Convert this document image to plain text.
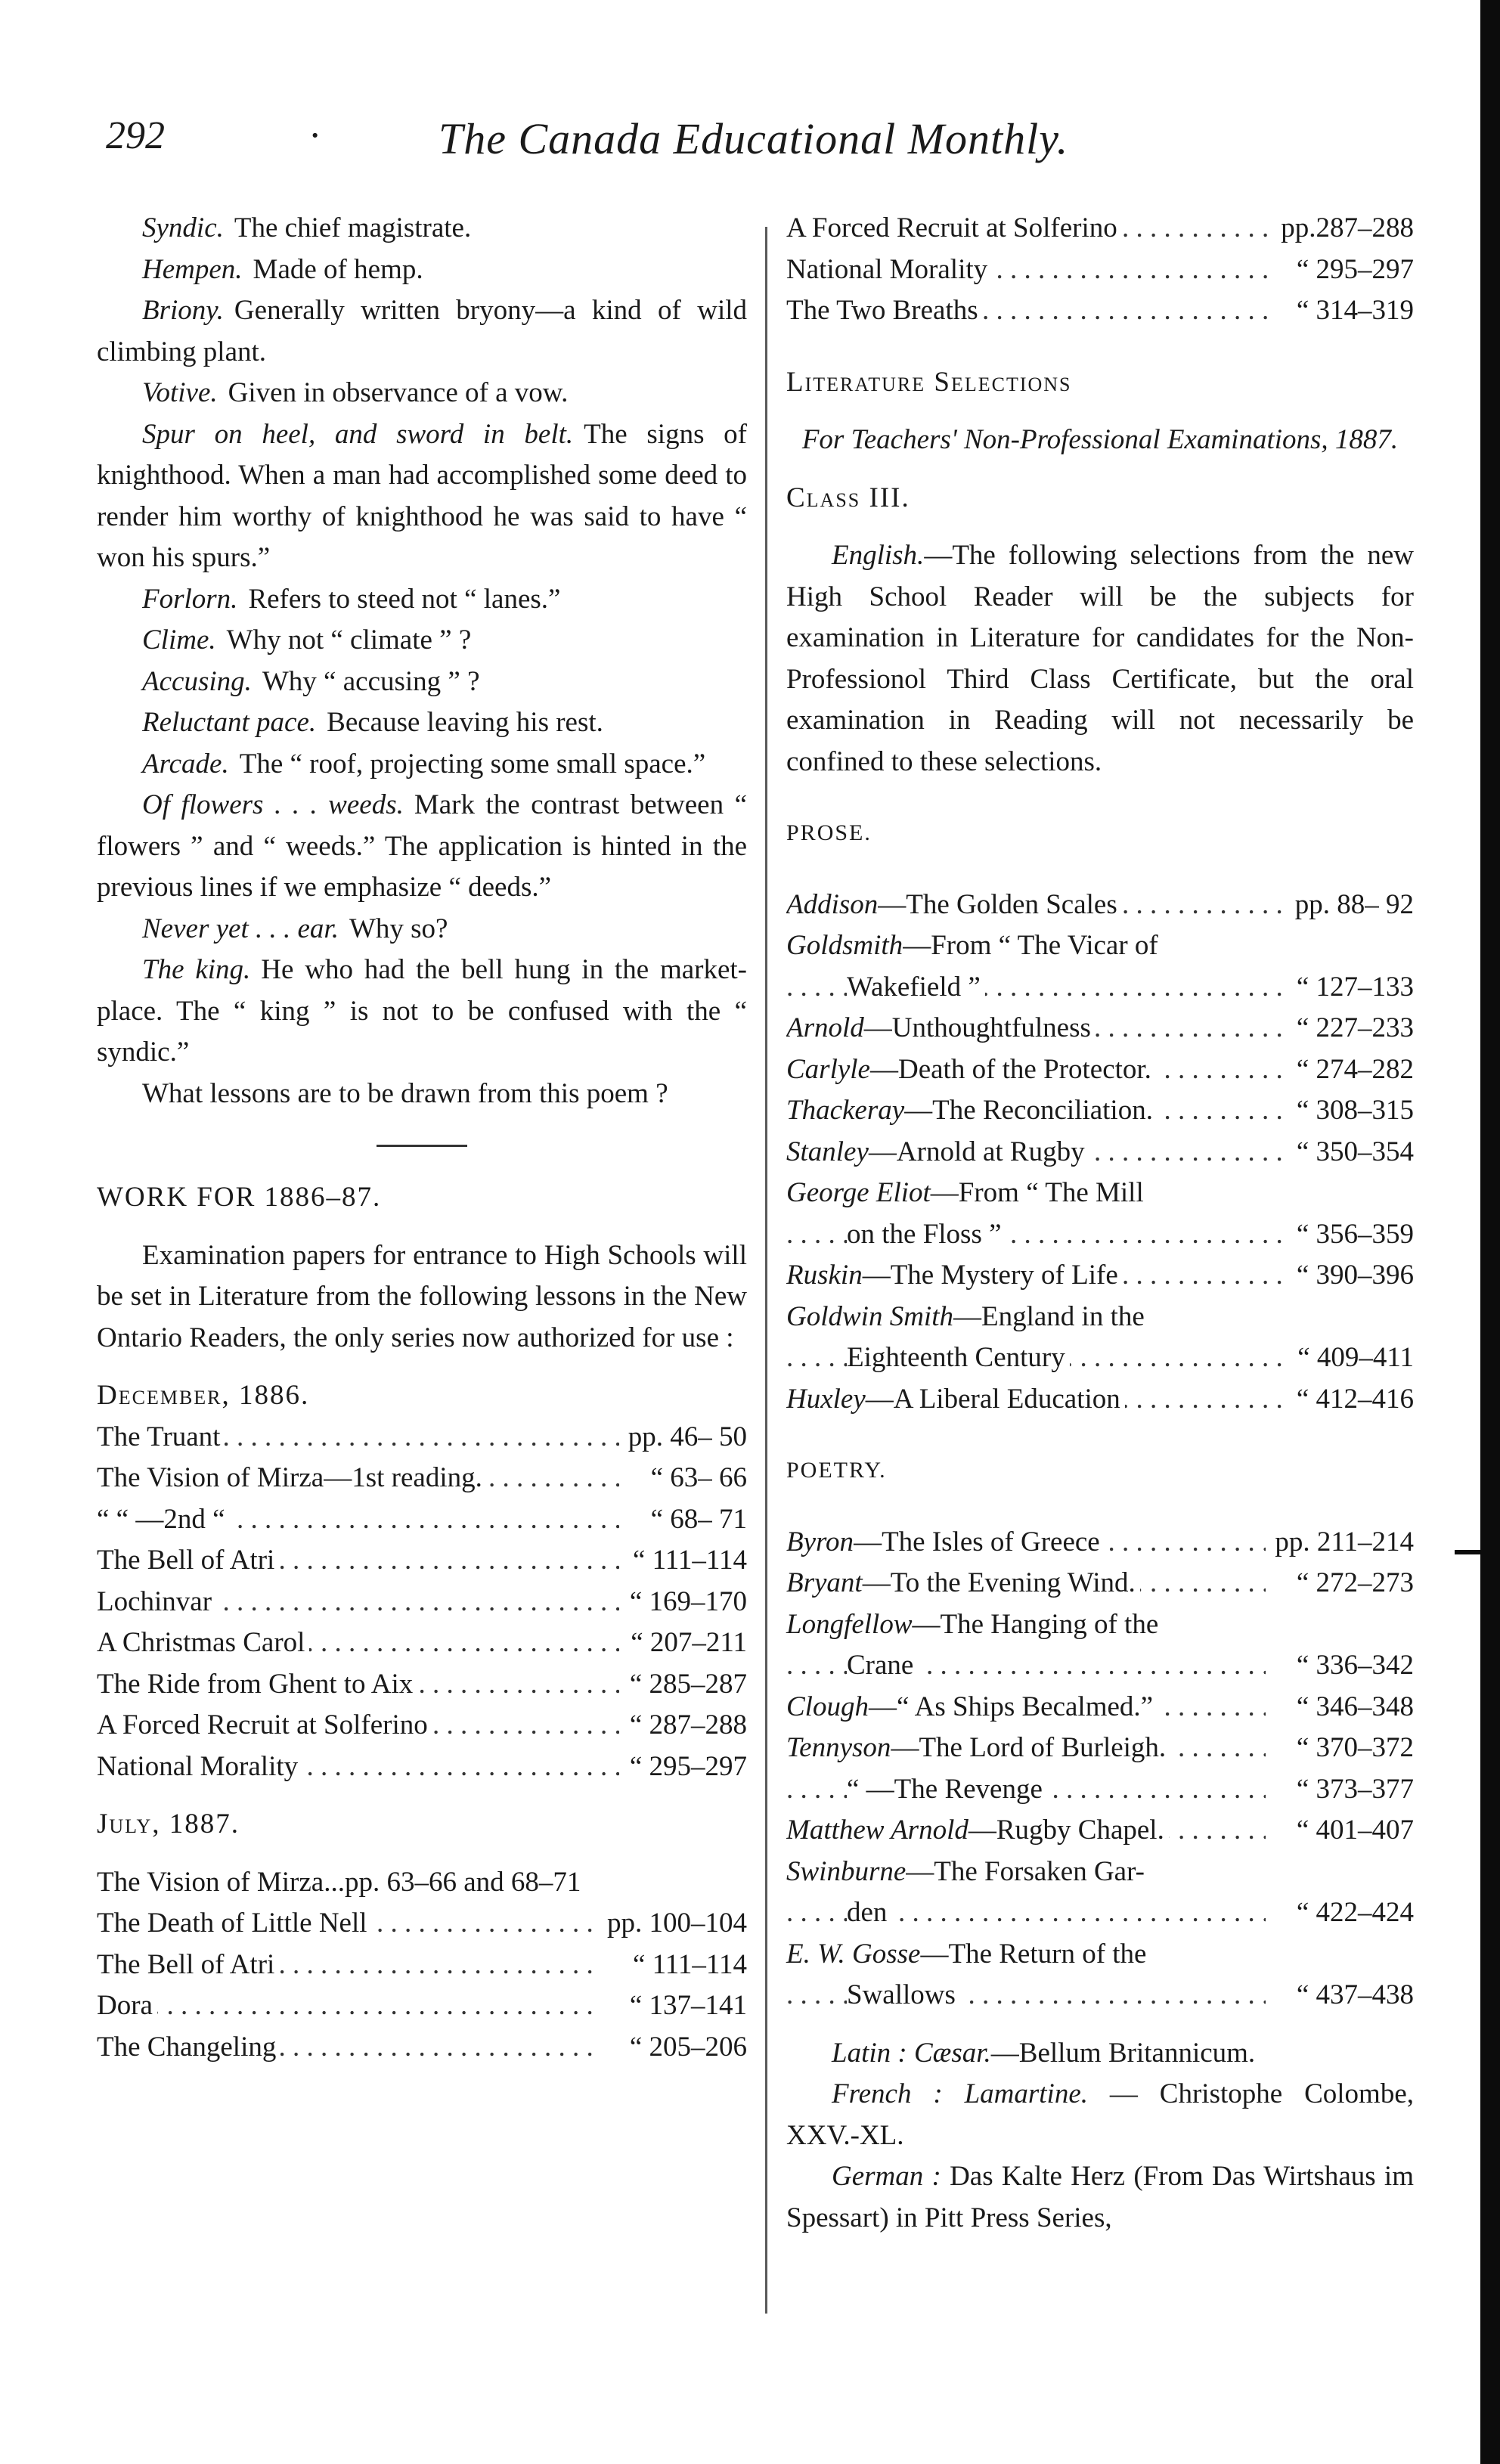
292	·	The Canada Educational Monthly.

Syndic. The chief magistrate.

Hempen. Made of hemp.

Briony. Generally written bryony—a kind of wild climbing plant.

Votive. Given in observance of a vow.

Spur on heel, and sword in belt. The signs of knighthood. When a man had accomplished some deed to render him worthy of knighthood he was said to have “ won his spurs.”

Forlorn. Refers to steed not “ lanes.”

Clime. Why not “ climate ” ?

Accusing. Why “ accusing ” ?

Reluctant pace. Because leaving his rest.

Arcade. The “ roof, projecting some small space.”

Of flowers . . . weeds. Mark the contrast between “ flowers ” and “ weeds.” The application is hinted in the previous lines if we emphasize “ deeds.”

Never yet . . . ear. Why so?

The king. He who had the bell hung in the market-place. The “ king ” is not to be confused with the “ syndic.”

What lessons are to be drawn from this poem ?

WORK FOR 1886–87.

Examination papers for entrance to High Schools will be set in Literature from the following lessons in the New Ontario Readers, the only series now authorized for use :

December, 1886.

The Truant . . .	pp. 46– 50
The Vision of Mirza—1st reading. . . .	“ 63– 66
“ “ —2nd “ . . .	“ 68– 71
The Bell of Atri . . .	“ 111–114
Lochinvar . . .	“ 169–170
A Christmas Carol . . .	“ 207–211
The Ride from Ghent to Aix . . .	“ 285–287
A Forced Recruit at Solferino . . .	“ 287–288
National Morality . . .	“ 295–297

July, 1887.

The Vision of Mirza...pp. 63–66 and 68–71	
The Death of Little Nell . . .	pp. 100–104
The Bell of Atri . . .	“ 111–114
Dora . . .	“ 137–141
The Changeling . . .	“ 205–206
A Forced Recruit at Solferino . . .	pp.287–288
National Morality . . .	“ 295–297
The Two Breaths . . .	“ 314–319

Literature Selections

For Teachers' Non-Professional Examinations, 1887.

Class III.

English.—The following selections from the new High School Reader will be the subjects for examination in Literature for candidates for the Non-Professionol Third Class Certificate, but the oral examination in Reading will not necessarily be confined to these selections.

PROSE.

Addison—The Golden Scales . . .	pp. 88– 92
Goldsmith—From “ The Vicar of	
Wakefield ” . . .	“ 127–133
Arnold—Unthoughtfulness . . .	“ 227–233
Carlyle—Death of the Protector. . . .	“ 274–282
Thackeray—The Reconciliation. . . .	“ 308–315
Stanley—Arnold at Rugby . . .	“ 350–354
George Eliot—From “ The Mill	
on the Floss ” . . .	“ 356–359
Ruskin—The Mystery of Life . . .	“ 390–396
Goldwin Smith—England in the	
Eighteenth Century . . .	“ 409–411
Huxley—A Liberal Education . . .	“ 412–416

POETRY.

Byron—The Isles of Greece . . .	pp. 211–214
Bryant—To the Evening Wind. . . .	“ 272–273
Longfellow—The Hanging of the	
Crane . . .	“ 336–342
Clough—“ As Ships Becalmed.” . . .	“ 346–348
Tennyson—The Lord of Burleigh. . . .	“ 370–372
“ —The Revenge . . .	“ 373–377
Matthew Arnold—Rugby Chapel. . . .	“ 401–407
Swinburne—The Forsaken Gar-	
den . . .	“ 422–424
E. W. Gosse—The Return of the	
Swallows . . .	“ 437–438

Latin : Cæsar.—Bellum Britannicum.

French : Lamartine. — Christophe Colombe, XXV.-XL.

German : Das Kalte Herz (From Das Wirtshaus im Spessart) in Pitt Press Series,
